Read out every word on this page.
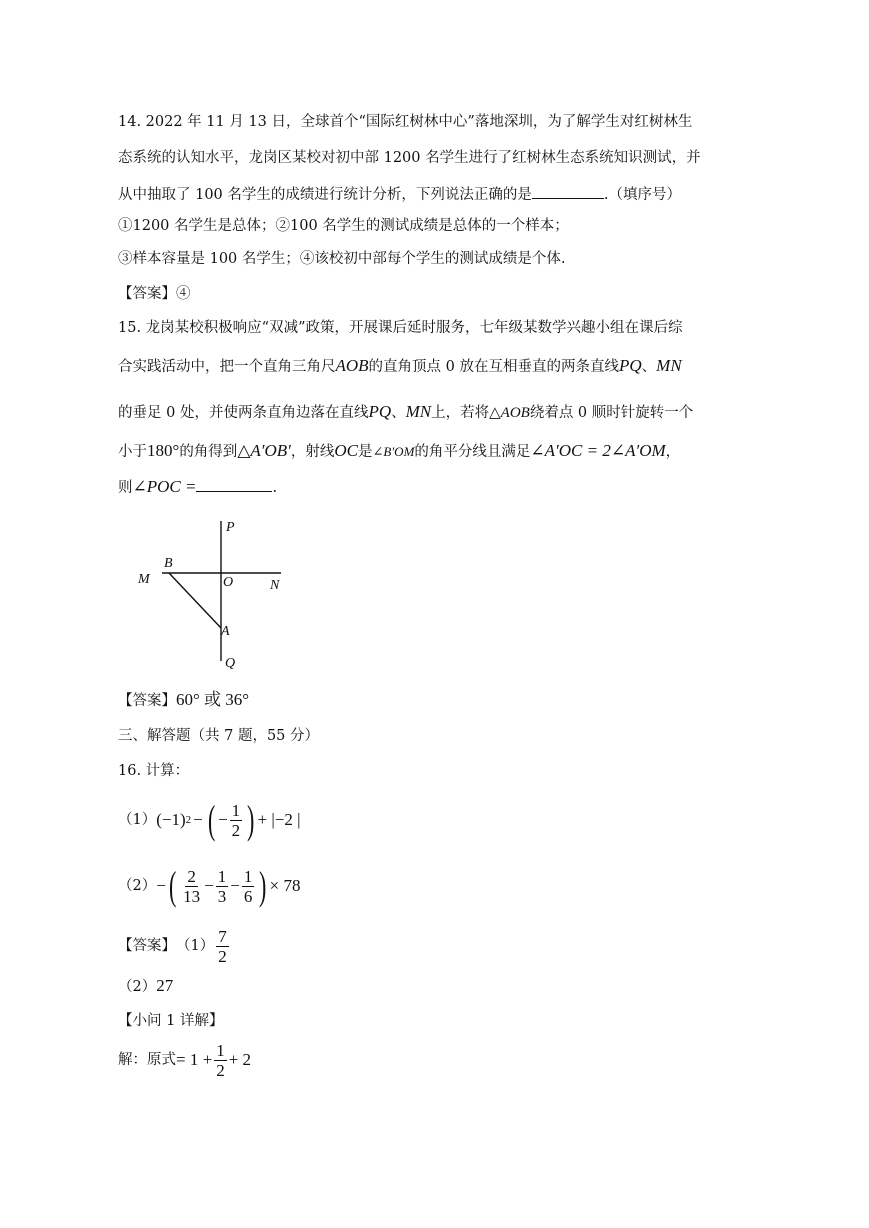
14. 2022 年 11 月 13 日，全球首个“国际红树林中心”落地深圳，为了解学生对红树林生
态系统的认知水平，龙岗区某校对初中部 1200 名学生进行了红树林生态系统知识测试，并
从中抽取了 100 名学生的成绩进行统计分析，下列说法正确的是	.（填序号）
①1200 名学生是总体；②100 名学生的测试成绩是总体的一个样本；
③样本容量是 100 名学生；④该校初中部每个学生的测试成绩是个体.
【答案】④
15. 龙岗某校积极响应“双减”政策，开展课后延时服务，七年级某数学兴趣小组在课后综
合实践活动中，把一个直角三角尺AOB的直角顶点 0 放在互相垂直的两条直线PQ、MN
的垂足 0 处，并使两条直角边落在直线PQ、MN上，若将△AOB绕着点 0 顺时针旋转一个
小于180°的角得到△A′OB′，射线OC是∠B′OM的角平分线且满足∠A′OC = 2∠A′OM，
则∠POC =	.
P
B
M	O	N
A
Q
【答案】60° 或 36°
三、解答题（共 7 题，55 分）
16. 计算：
（1） (−1) 2 − ( − $\frac{1}{2}$ ) + |−2 |
（2） − ( $\frac{2}{13} - \frac{1}{3} - \frac{1}{6}$ ) × 78
【答案】 $(1) \frac{7}{2}$
（2）27
【小问 1 详解】
解：原式 = $1 + \frac{1}{2} + 2$
